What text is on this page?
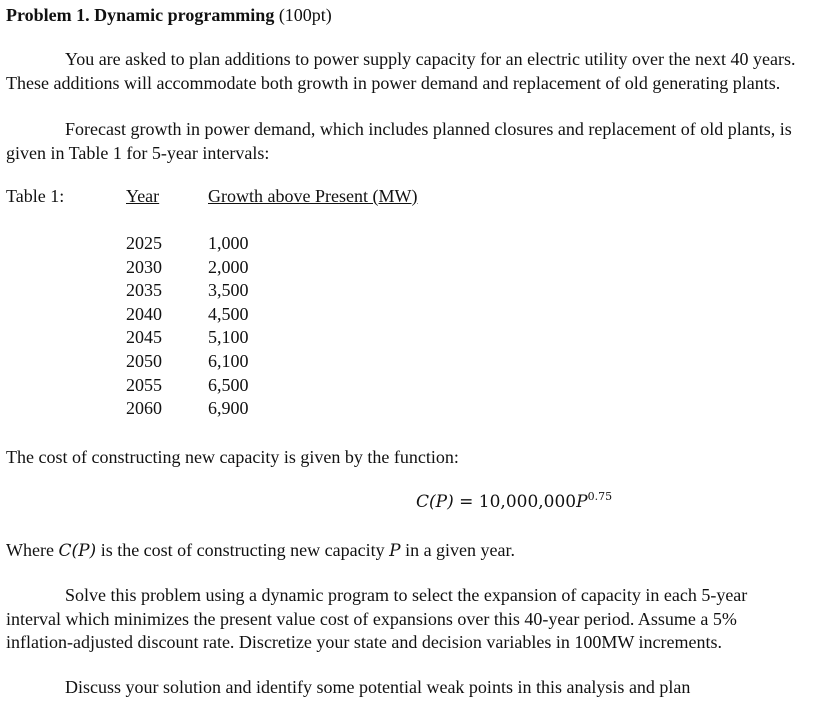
Problem 1. Dynamic programming (100pt)
You are asked to plan additions to power supply capacity for an electric utility over the next 40 years. These additions will accommodate both growth in power demand and replacement of old generating plants.
Forecast growth in power demand, which includes planned closures and replacement of old plants, is given in Table 1 for 5-year intervals:
Table 1:	Year	Growth above Present (MW)
2025
2030
2035
2040
2045
2050
2055
2060
1,000
2,000
3,500
4,500
5,100
6,100
6,500
6,900
The cost of constructing new capacity is given by the function:
$C(P) = 10,000,000P^{0.75}$
Where C(P) is the cost of constructing new capacity P in a given year.
Solve this problem using a dynamic program to select the expansion of capacity in each 5-year interval which minimizes the present value cost of expansions over this 40-year period. Assume a 5% inflation-adjusted discount rate. Discretize your state and decision variables in 100MW increments.
Discuss your solution and identify some potential weak points in this analysis and plan
